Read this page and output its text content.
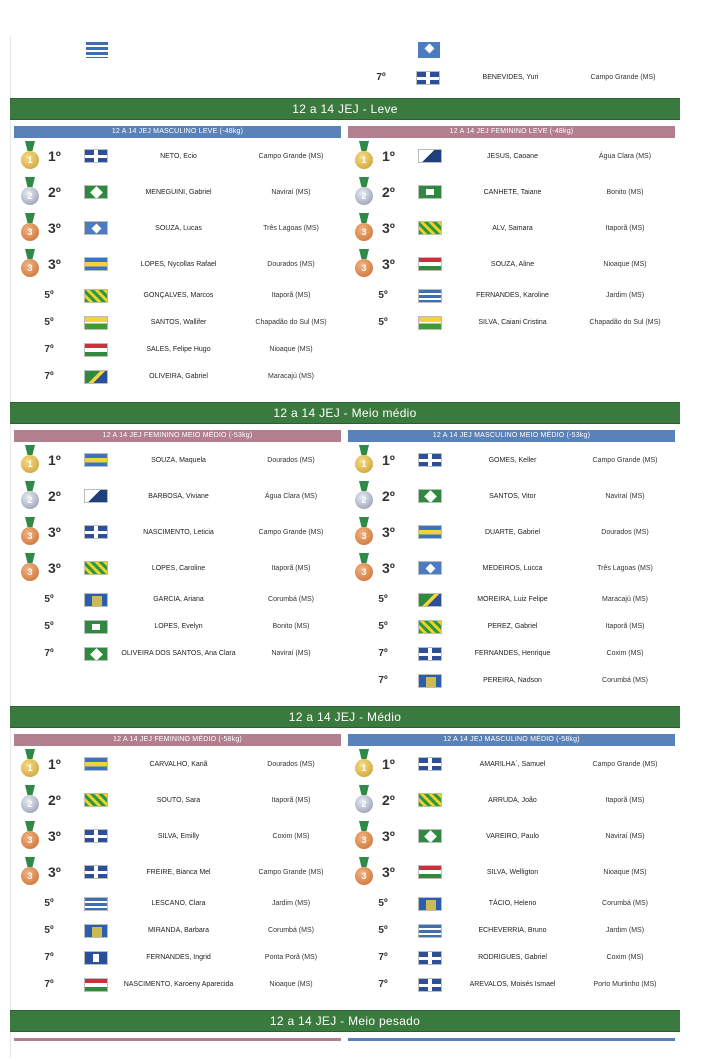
7º	BENEVIDES, Yuri	Campo Grande (MS)
12 a 14 JEJ - Leve
12 A 14 JEJ MASCULINO LEVE (-48kg)
1	1º	NETO, Ecio	Campo Grande (MS)
2	2º	MENEGUINI, Gabriel	Naviraí (MS)
3	3º	SOUZA, Lucas	Três Lagoas (MS)
3	3º	LOPES, Nycollas Rafael	Dourados (MS)
5º	GONÇALVES, Marcos	Itaporã (MS)
5º	SANTOS, Wallifer	Chapadão do Sul (MS)
7º	SALES, Felipe Hugo	Nioaque (MS)
7º	OLIVEIRA, Gabriel	Maracajú (MS)
12 A 14 JEJ FEMININO LEVE (-48kg)
1	1º	JESUS, Caoane	Água Clara (MS)
2	2º	CANHETE, Taiane	Bonito (MS)
3	3º	ALV, Samara	Itaporã (MS)
3	3º	SOUZA, Aline	Nioaque (MS)
5º	FERNANDES, Karoline	Jardim (MS)
5º	SILVA, Caiani Cristina	Chapadão do Sul (MS)
12 a 14 JEJ - Meio médio
12 A 14 JEJ FEMININO MEIO MÉDIO (-53kg)
1	1º	SOUZA, Maquela	Dourados (MS)
2	2º	BARBOSA, Viviane	Água Clara (MS)
3	3º	NASCIMENTO, Leticia	Campo Grande (MS)
3	3º	LOPES, Caroline	Itaporã (MS)
5º	GARCIA, Ariana	Corumbá (MS)
5º	LOPES, Evelyn	Bonito (MS)
7º	OLIVEIRA DOS SANTOS, Ana Clara	Naviraí (MS)
12 A 14 JEJ MASCULINO MEIO MÉDIO (-53kg)
1	1º	GOMES, Keller	Campo Grande (MS)
2	2º	SANTOS, Vitor	Naviraí (MS)
3	3º	DUARTE, Gabriel	Dourados (MS)
3	3º	MEDEIROS, Lucca	Três Lagoas (MS)
5º	MOREIRA, Luiz Felipe	Maracajú (MS)
5º	PEREZ, Gabriel	Itaporã (MS)
7º	FERNANDES, Henrique	Coxim (MS)
7º	PEREIRA, Nadson	Corumbá (MS)
12 a 14 JEJ - Médio
12 A 14 JEJ FEMININO MÉDIO (-58kg)
1	1º	CARVALHO, Kanã	Dourados (MS)
2	2º	SOUTO, Sara	Itaporã (MS)
3	3º	SILVA, Emilly	Coxim (MS)
3	3º	FREIRE, Bianca Mel	Campo Grande (MS)
5º	LESCANO, Clara	Jardim (MS)
5º	MIRANDA, Barbara	Corumbá (MS)
7º	FERNANDES, Ingrid	Ponta Porã (MS)
7º	NASCIMENTO, Karoeny Aparecida	Nioaque (MS)
12 A 14 JEJ MASCULINO MÉDIO (-58kg)
1	1º	AMARILHA´, Samuel	Campo Grande (MS)
2	2º	ARRUDA, João	Itaporã (MS)
3	3º	VAREIRO, Paulo	Naviraí (MS)
3	3º	SILVA, Welligton	Nioaque (MS)
5º	TÁCIO, Heleno	Corumbá (MS)
5º	ECHEVERRIA, Bruno	Jardim (MS)
7º	RODRIGUES, Gabriel	Coxim (MS)
7º	AREVALOS, Moisés Ismael	Porto Murtinho (MS)
12 a 14 JEJ - Meio pesado
